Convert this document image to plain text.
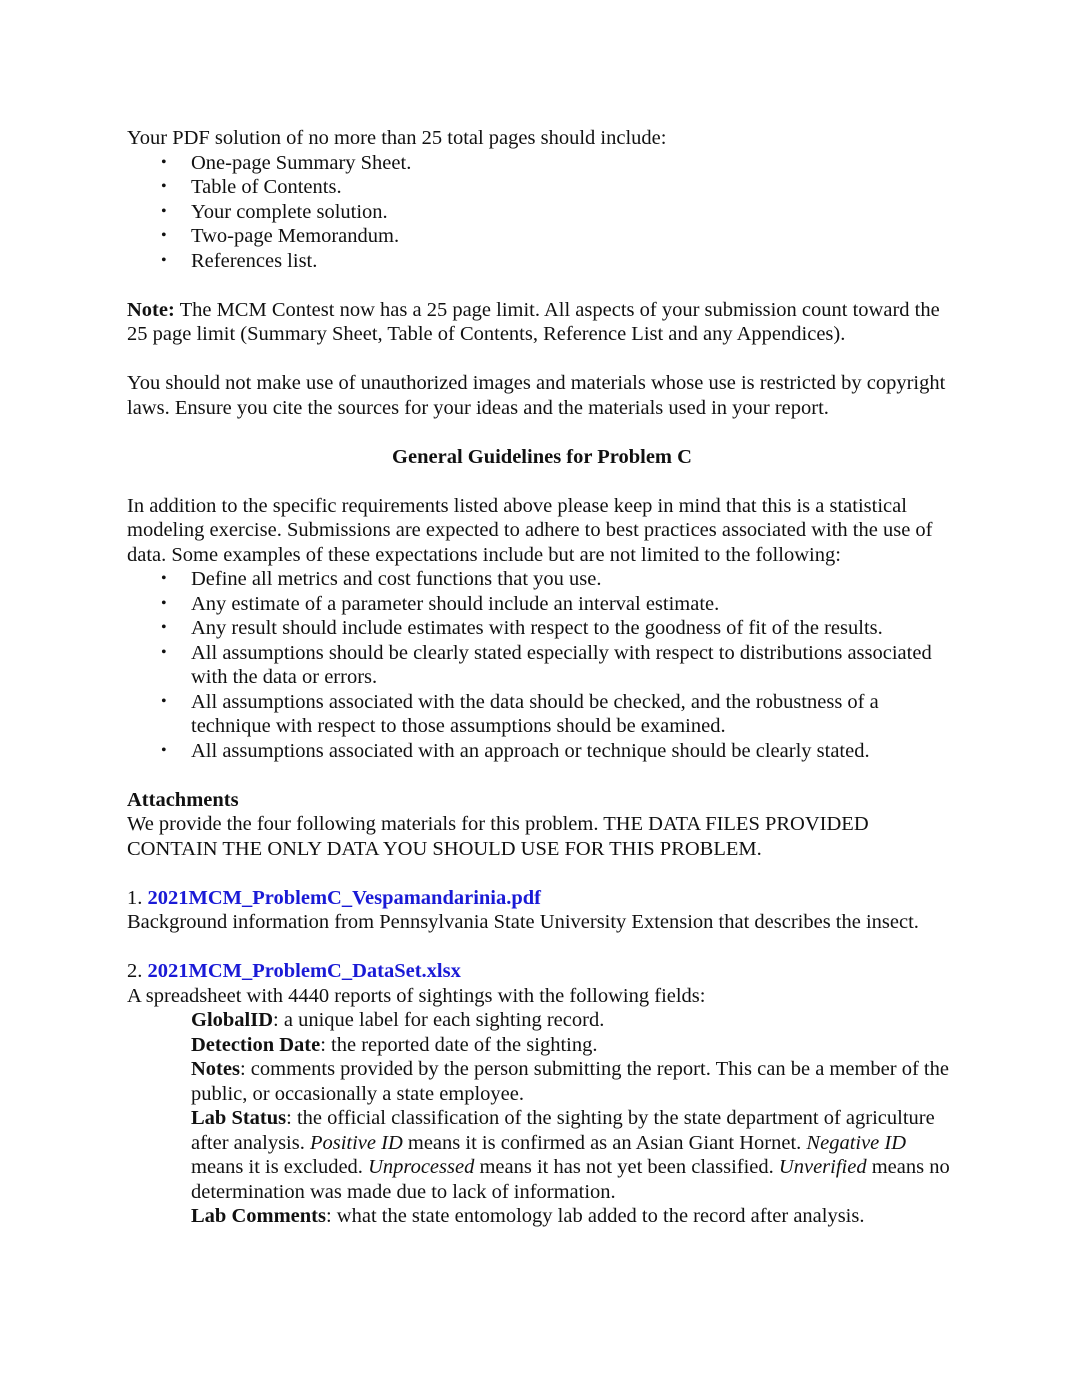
Your PDF solution of no more than 25 total pages should include:

• One-page Summary Sheet.
• Table of Contents.
• Your complete solution.
• Two-page Memorandum.
• References list.

Note: The MCM Contest now has a 25 page limit. All aspects of your submission count toward the 25 page limit (Summary Sheet, Table of Contents, Reference List and any Appendices).

You should not make use of unauthorized images and materials whose use is restricted by copyright laws. Ensure you cite the sources for your ideas and the materials used in your report.

General Guidelines for Problem C

In addition to the specific requirements listed above please keep in mind that this is a statistical modeling exercise. Submissions are expected to adhere to best practices associated with the use of data. Some examples of these expectations include but are not limited to the following:

• Define all metrics and cost functions that you use.
• Any estimate of a parameter should include an interval estimate.
• Any result should include estimates with respect to the goodness of fit of the results.
• All assumptions should be clearly stated especially with respect to distributions associated with the data or errors.
• All assumptions associated with the data should be checked, and the robustness of a technique with respect to those assumptions should be examined.
• All assumptions associated with an approach or technique should be clearly stated.

Attachments

We provide the four following materials for this problem. THE DATA FILES PROVIDED CONTAIN THE ONLY DATA YOU SHOULD USE FOR THIS PROBLEM.

1. 2021MCM_ProblemC_Vespamandarinia.pdf

Background information from Pennsylvania State University Extension that describes the insect.

2. 2021MCM_ProblemC_DataSet.xlsx

A spreadsheet with 4440 reports of sightings with the following fields:

GlobalID: a unique label for each sighting record.

Detection Date: the reported date of the sighting.

Notes: comments provided by the person submitting the report. This can be a member of the public, or occasionally a state employee.

Lab Status: the official classification of the sighting by the state department of agriculture after analysis. Positive ID means it is confirmed as an Asian Giant Hornet. Negative ID means it is excluded. Unprocessed means it has not yet been classified. Unverified means no determination was made due to lack of information.

Lab Comments: what the state entomology lab added to the record after analysis.
